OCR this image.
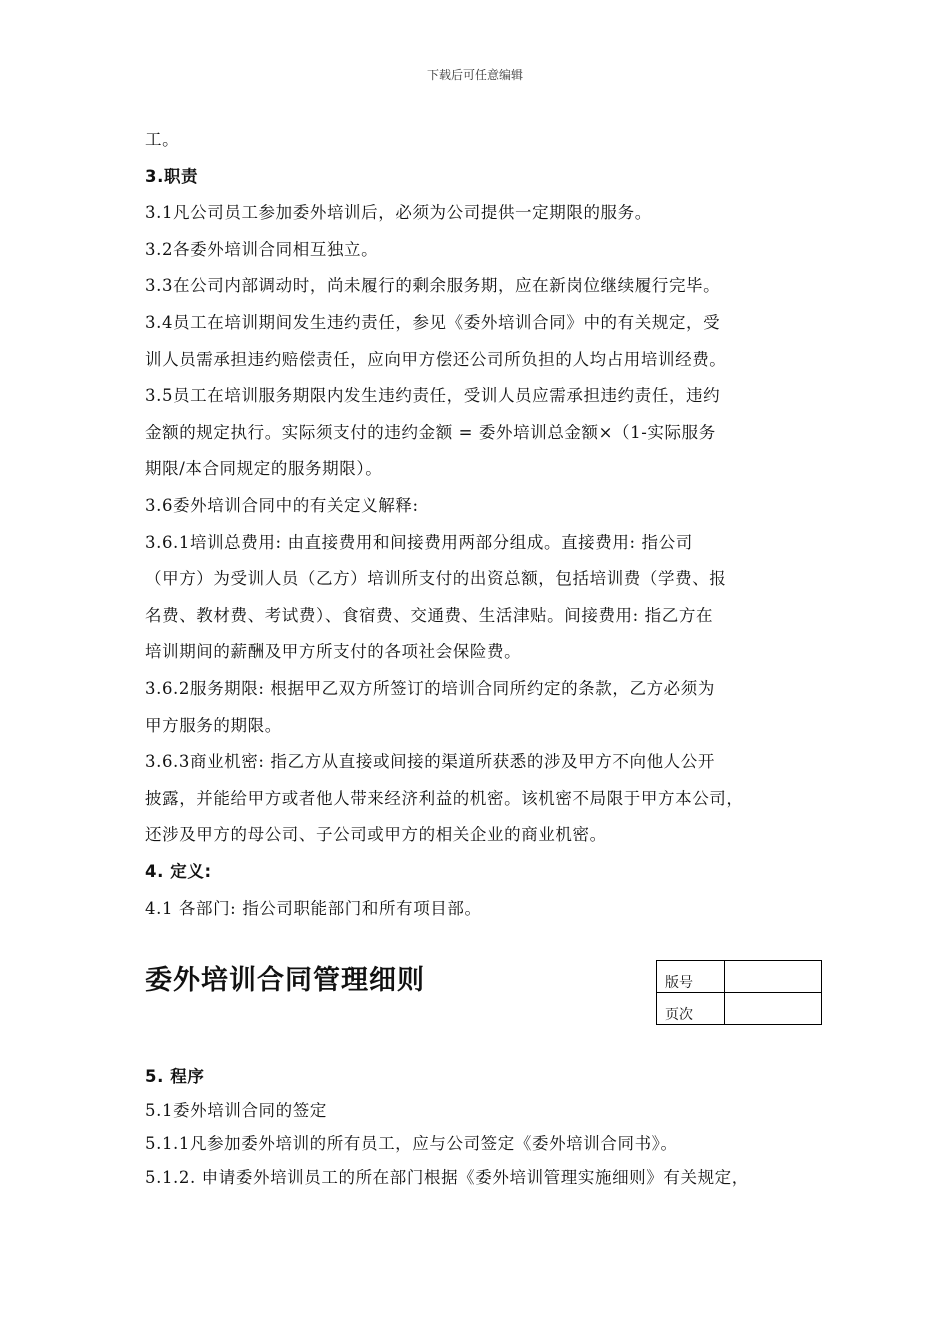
下载后可任意编辑
工。
3.职责
3.1凡公司员工参加委外培训后，必须为公司提供一定期限的服务。
3.2各委外培训合同相互独立。
3.3在公司内部调动时，尚未履行的剩余服务期，应在新岗位继续履行完毕。
3.4员工在培训期间发生违约责任，参见《委外培训合同》中的有关规定，受
训人员需承担违约赔偿责任，应向甲方偿还公司所负担的人均占用培训经费。
3.5员工在培训服务期限内发生违约责任，受训人员应需承担违约责任，违约
金额的规定执行。实际须支付的违约金额 = 委外培训总金额×（1-实际服务
期限/本合同规定的服务期限）。
3.6委外培训合同中的有关定义解释:
3.6.1培训总费用: 由直接费用和间接费用两部分组成。直接费用: 指公司
（甲方）为受训人员（乙方）培训所支付的出资总额，包括培训费（学费、报
名费、教材费、考试费）、食宿费、交通费、生活津贴。间接费用: 指乙方在
培训期间的薪酬及甲方所支付的各项社会保险费。
3.6.2服务期限: 根据甲乙双方所签订的培训合同所约定的条款，乙方必须为
甲方服务的期限。
3.6.3商业机密: 指乙方从直接或间接的渠道所获悉的涉及甲方不向他人公开
披露，并能给甲方或者他人带来经济利益的机密。该机密不局限于甲方本公司，
还涉及甲方的母公司、子公司或甲方的相关企业的商业机密。
4. 定义:
4.1 各部门: 指公司职能部门和所有项目部。
委外培训合同管理细则	版号	
页次	
5. 程序
5.1委外培训合同的签定
5.1.1凡参加委外培训的所有员工，应与公司签定《委外培训合同书》。
5.1.2. 申请委外培训员工的所在部门根据《委外培训管理实施细则》有关规定，
